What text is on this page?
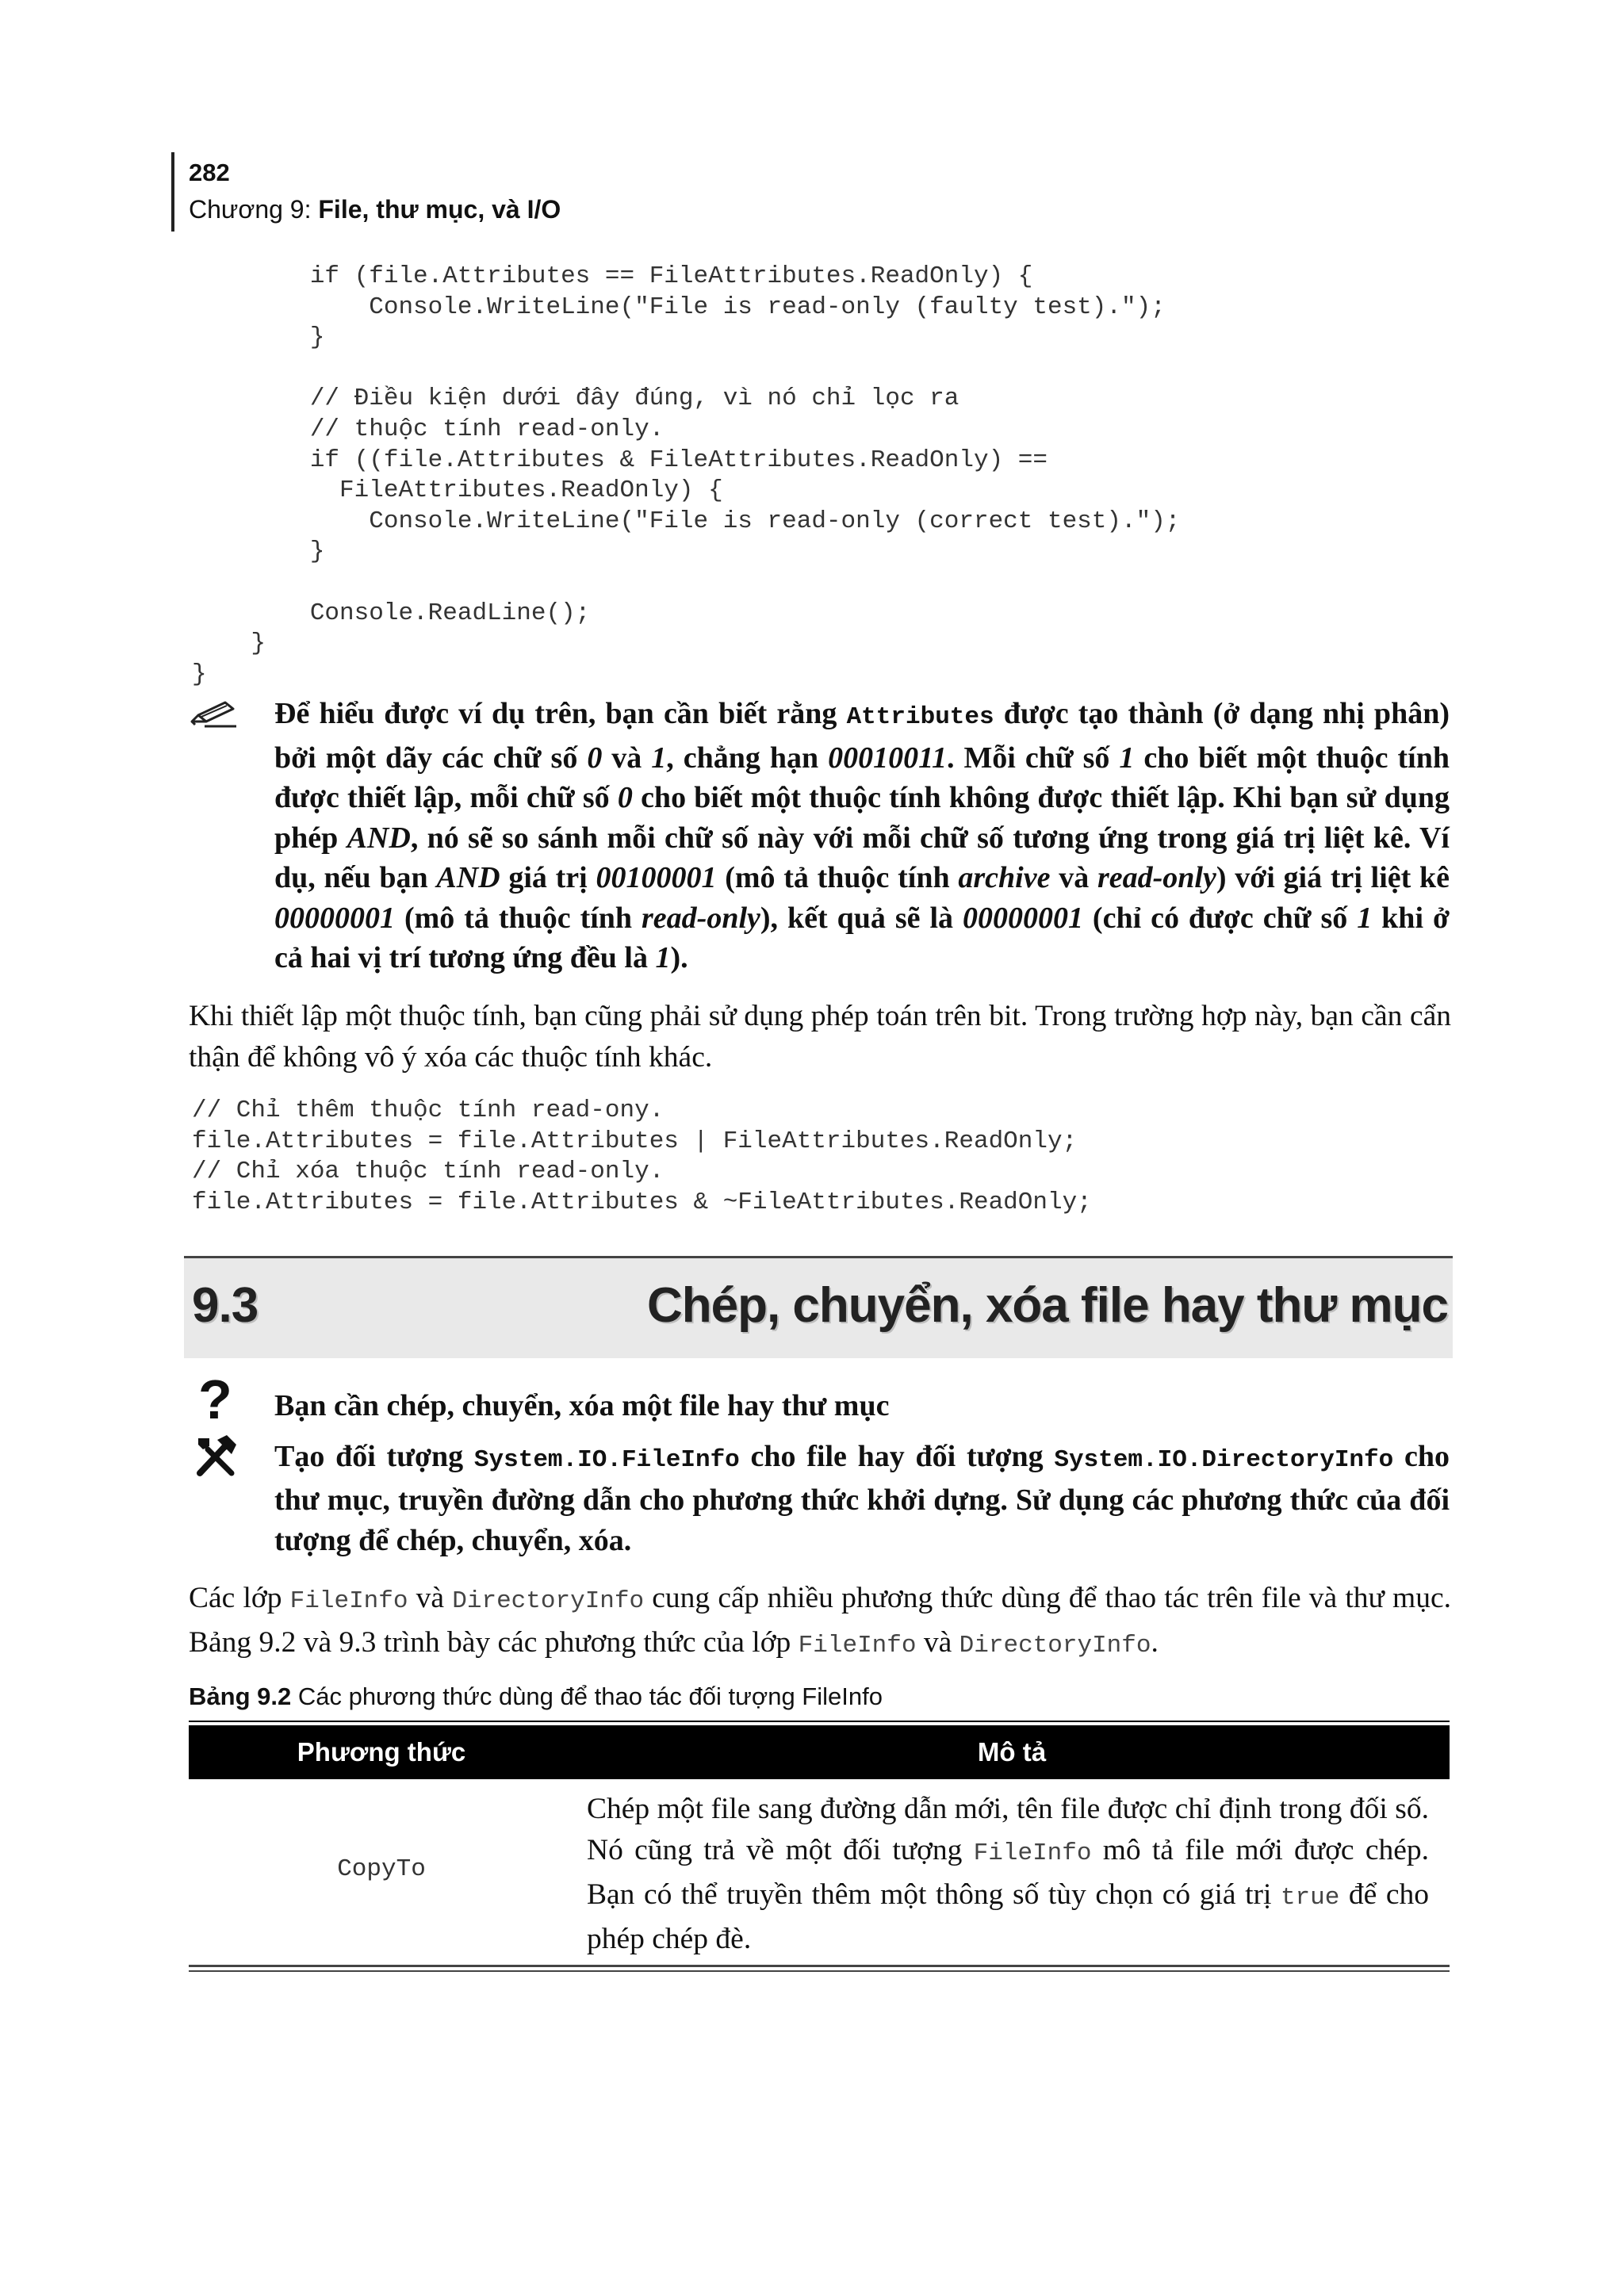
282
Chương 9: File, thư mục, và I/O
if (file.Attributes == FileAttributes.ReadOnly) {
Console.WriteLine("File is read-only (faulty test).");
}

// Điều kiện dưới đây đúng, vì nó chỉ lọc ra
// thuộc tính read-only.
if ((file.Attributes & FileAttributes.ReadOnly) ==
FileAttributes.ReadOnly) {
Console.WriteLine("File is read-only (correct test).");
}

Console.ReadLine();
}
}
Để hiểu được ví dụ trên, bạn cần biết rằng Attributes được tạo thành (ở dạng nhị phân) bởi một dãy các chữ số 0 và 1, chẳng hạn 00010011. Mỗi chữ số 1 cho biết một thuộc tính được thiết lập, mỗi chữ số 0 cho biết một thuộc tính không được thiết lập. Khi bạn sử dụng phép AND, nó sẽ so sánh mỗi chữ số này với mỗi chữ số tương ứng trong giá trị liệt kê. Ví dụ, nếu bạn AND giá trị 00100001 (mô tả thuộc tính archive và read-only) với giá trị liệt kê 00000001 (mô tả thuộc tính read-only), kết quả sẽ là 00000001 (chỉ có được chữ số 1 khi ở cả hai vị trí tương ứng đều là 1).
Khi thiết lập một thuộc tính, bạn cũng phải sử dụng phép toán trên bit. Trong trường hợp này, bạn cần cẩn thận để không vô ý xóa các thuộc tính khác.
// Chỉ thêm thuộc tính read-ony.
file.Attributes = file.Attributes | FileAttributes.ReadOnly;
// Chỉ xóa thuộc tính read-only.
file.Attributes = file.Attributes & ~FileAttributes.ReadOnly;
9.3	Chép, chuyển, xóa file hay thư mục
? Bạn cần chép, chuyển, xóa một file hay thư mục
Tạo đối tượng System.IO.FileInfo cho file hay đối tượng System.IO.DirectoryInfo cho thư mục, truyền đường dẫn cho phương thức khởi dựng. Sử dụng các phương thức của đối tượng để chép, chuyển, xóa.
Các lớp FileInfo và DirectoryInfo cung cấp nhiều phương thức dùng để thao tác trên file và thư mục. Bảng 9.2 và 9.3 trình bày các phương thức của lớp FileInfo và DirectoryInfo.
Bảng 9.2 Các phương thức dùng để thao tác đối tượng FileInfo
Phương thức	Mô tả
CopyTo
Chép một file sang đường dẫn mới, tên file được chỉ định trong đối số. Nó cũng trả về một đối tượng FileInfo mô tả file mới được chép. Bạn có thể truyền thêm một thông số tùy chọn có giá trị true để cho phép chép đè.
